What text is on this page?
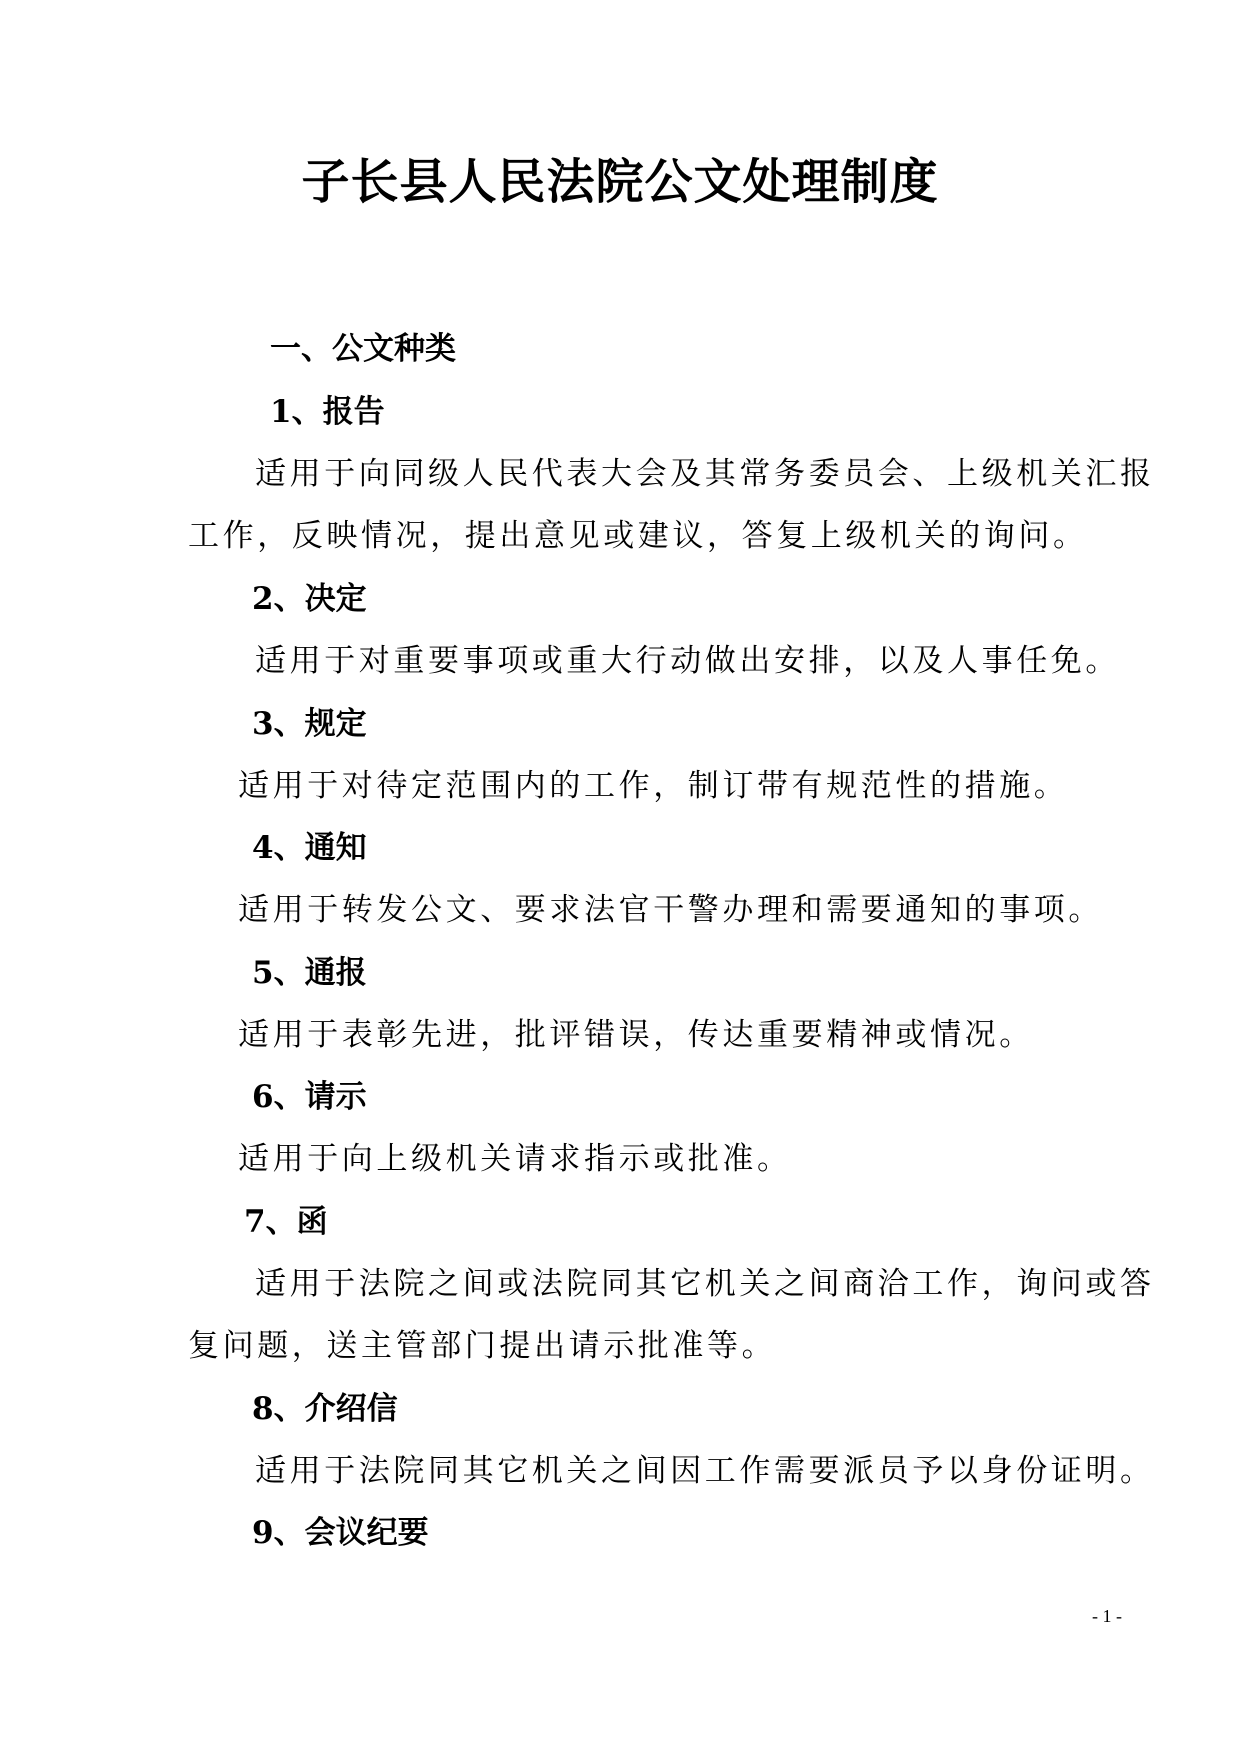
子长县人民法院公文处理制度

一、公文种类

1、报告

适用于向同级人民代表大会及其常务委员会、上级机关汇报

工作，反映情况，提出意见或建议，答复上级机关的询问。

2、决定

适用于对重要事项或重大行动做出安排，以及人事任免。

3、规定

适用于对待定范围内的工作，制订带有规范性的措施。

4、通知

适用于转发公文、要求法官干警办理和需要通知的事项。

5、通报

适用于表彰先进，批评错误，传达重要精神或情况。

6、请示

适用于向上级机关请求指示或批准。

7、函

适用于法院之间或法院同其它机关之间商洽工作，询问或答

复问题，送主管部门提出请示批准等。

8、介绍信

适用于法院同其它机关之间因工作需要派员予以身份证明。

9、会议纪要

- 1 -
